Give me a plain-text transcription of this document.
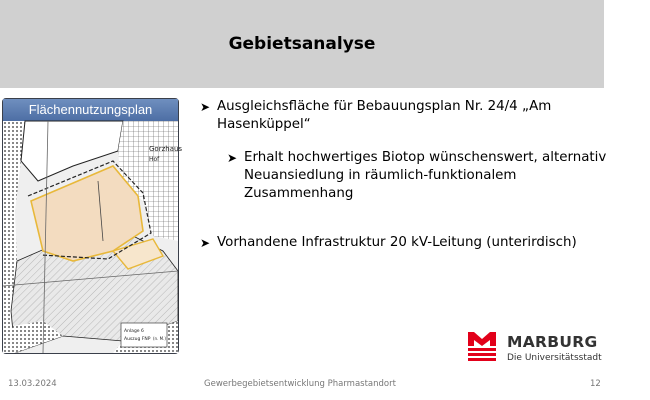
Gebietsanalyse
Flächennutzungsplan
Gorzhaus
Hof
Anlage 6
Auszug FNP (n. M.)
➤ Ausgleichsfläche für Bebauungsplan Nr. 24/4 „Am Hasenküppel“
➤ Erhalt hochwertiges Biotop wünschenswert, alternativ Neuansiedlung in räumlich-funktionalem Zusammenhang
➤ Vorhandene Infrastruktur 20 kV-Leitung (unterirdisch)
MARBURG
Die Universitätsstadt
13.03.2024	Gewerbegebietsentwicklung Pharmastandort	12
